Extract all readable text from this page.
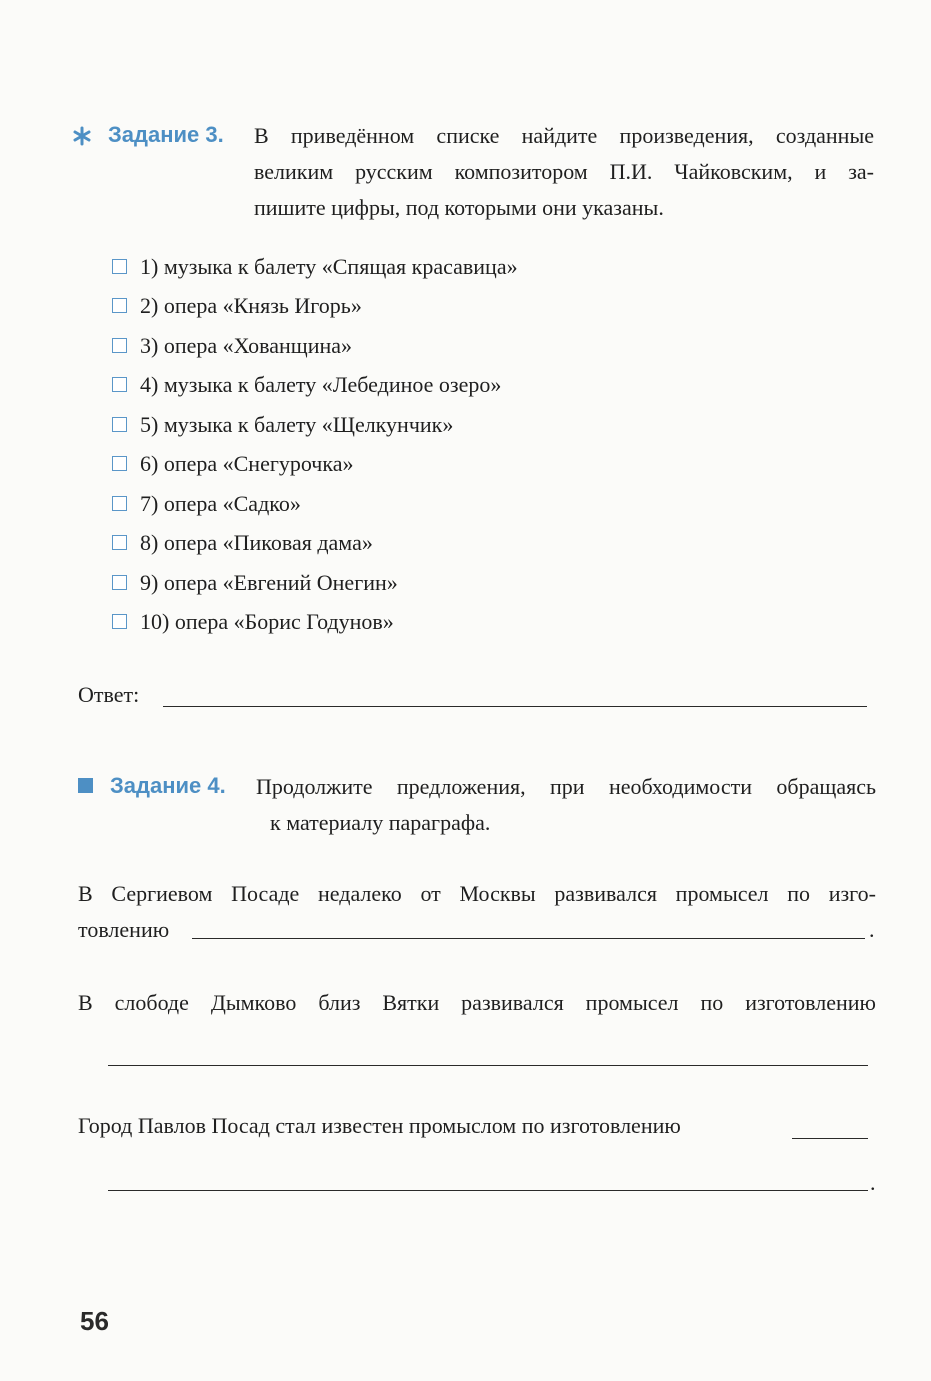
Задание 3. В приведённом списке найдите произведения, созданные
великим русским композитором П.И. Чайковским, и за-
пишите цифры, под которыми они указаны.
1) музыка к балету «Спящая красавица»
2) опера «Князь Игорь»
3) опера «Хованщина»
4) музыка к балету «Лебединое озеро»
5) музыка к балету «Щелкунчик»
6) опера «Снегурочка»
7) опера «Садко»
8) опера «Пиковая дама»
9) опера «Евгений Онегин»
10) опера «Борис Годунов»
Ответ:
Задание 4. Продолжите предложения, при необходимости обращаясь
к материалу параграфа.
В Сергиевом Посаде недалеко от Москвы развивался промысел по изго-
товлению	.
В слободе Дымково близ Вятки развивался промысел по изготовлению
Город Павлов Посад стал известен промыслом по изготовлению
.
56
